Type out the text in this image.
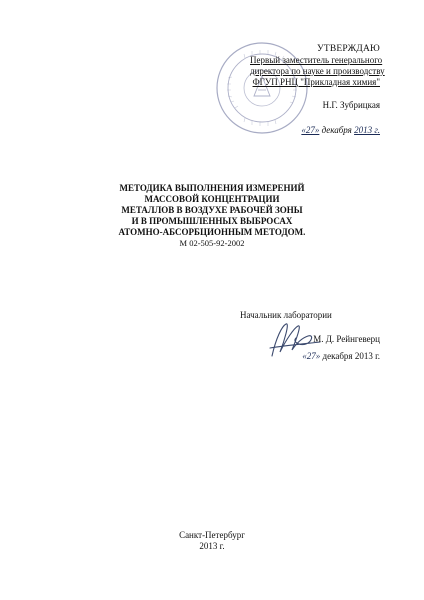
УТВЕРЖДАЮ
Первый заместитель генерального
директора по науке и производству
ФГУП РНЦ "Прикладная химия"
Н.Г. Зубрицкая
«27» декабря 2013 г.
МЕТОДИКА ВЫПОЛНЕНИЯ ИЗМЕРЕНИЙ
МАССОВОЙ КОНЦЕНТРАЦИИ
МЕТАЛЛОВ В ВОЗДУХЕ РАБОЧЕЙ ЗОНЫ
И В ПРОМЫШЛЕННЫХ ВЫБРОСАХ
АТОМНО-АБСОРБЦИОННЫМ МЕТОДОМ.
М 02-505-92-2002
Начальник лаборатории
М. Д. Рейнгеверц
«27» декабря 2013 г.
Санкт-Петербург
2013 г.
